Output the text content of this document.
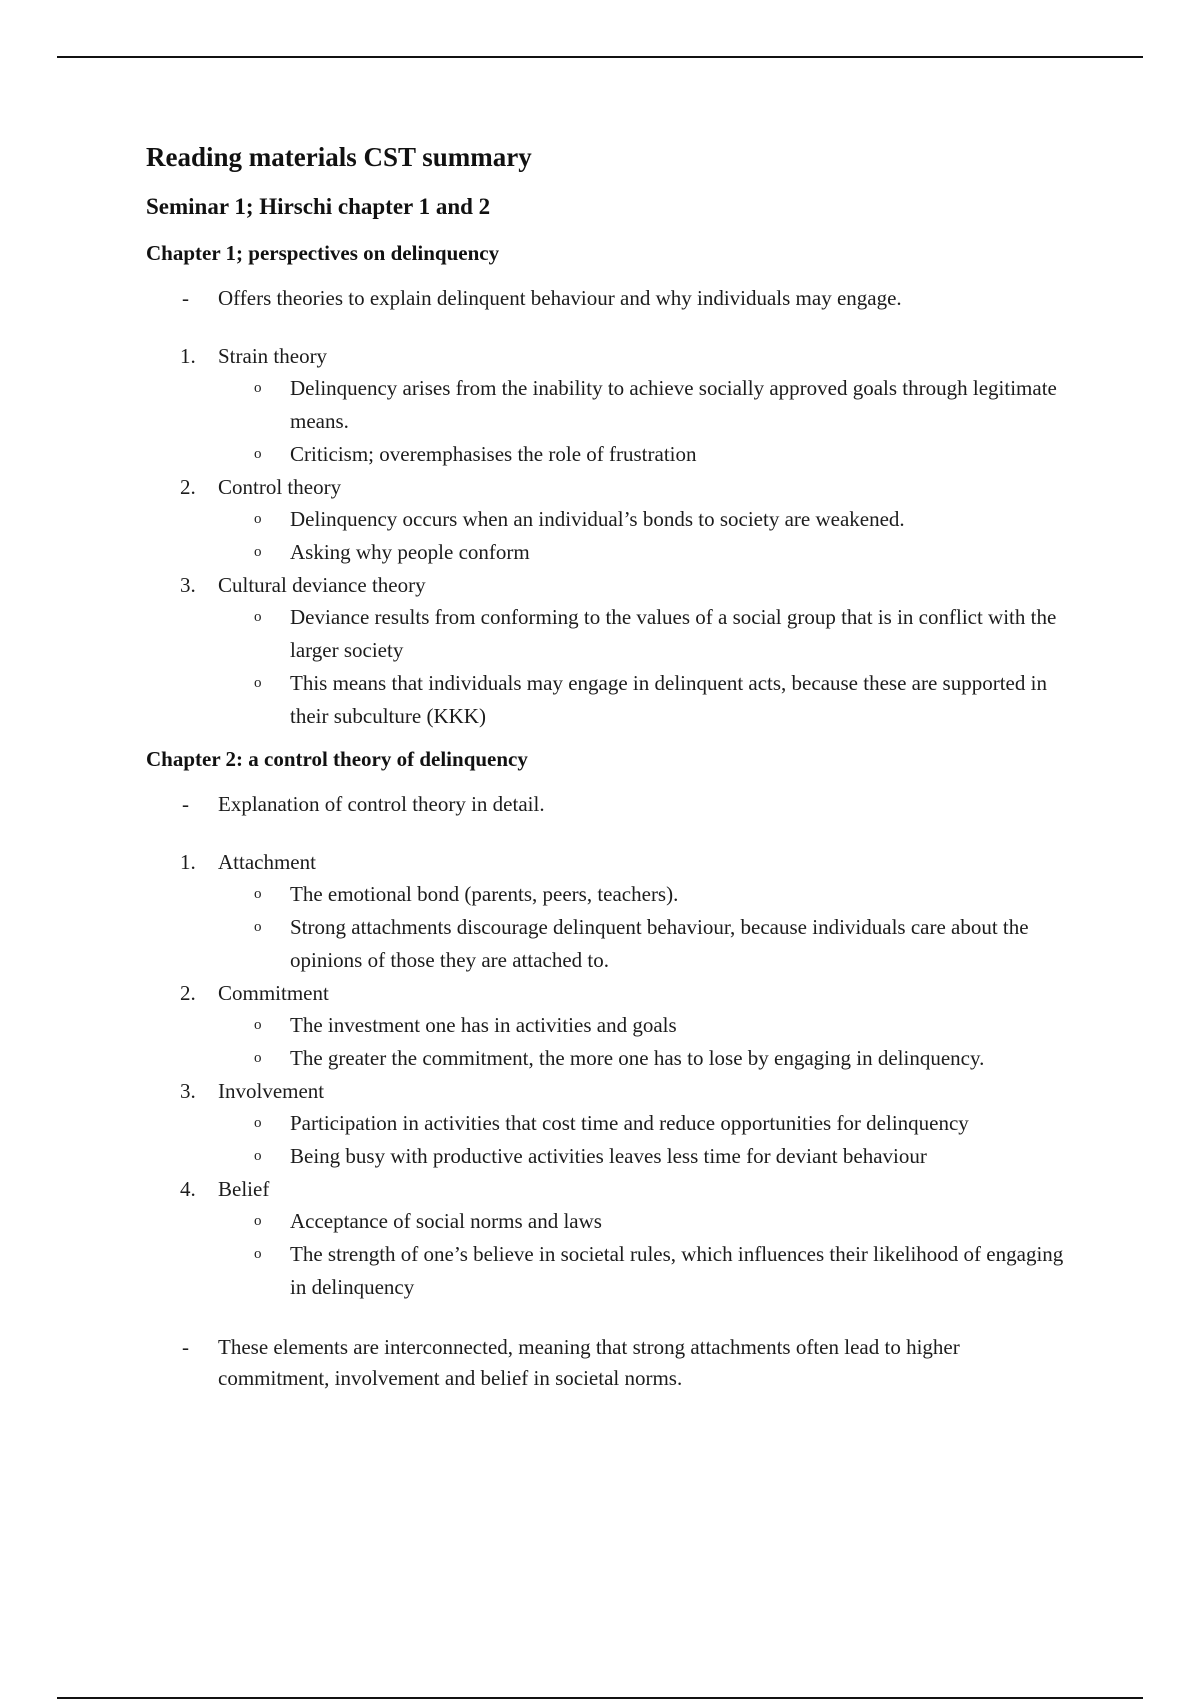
Reading materials CST summary
Seminar 1; Hirschi chapter 1 and 2
Chapter 1; perspectives on delinquency
- Offers theories to explain delinquent behaviour and why individuals may engage.
1. Strain theory
o Delinquency arises from the inability to achieve socially approved goals through legitimate means.
o Criticism; overemphasises the role of frustration
2. Control theory
o Delinquency occurs when an individual’s bonds to society are weakened.
o Asking why people conform
3. Cultural deviance theory
o Deviance results from conforming to the values of a social group that is in conflict with the larger society
o This means that individuals may engage in delinquent acts, because these are supported in their subculture (KKK)
Chapter 2: a control theory of delinquency
- Explanation of control theory in detail.
1. Attachment
o The emotional bond (parents, peers, teachers).
o Strong attachments discourage delinquent behaviour, because individuals care about the opinions of those they are attached to.
2. Commitment
o The investment one has in activities and goals
o The greater the commitment, the more one has to lose by engaging in delinquency.
3. Involvement
o Participation in activities that cost time and reduce opportunities for delinquency
o Being busy with productive activities leaves less time for deviant behaviour
4. Belief
o Acceptance of social norms and laws
o The strength of one’s believe in societal rules, which influences their likelihood of engaging in delinquency
- These elements are interconnected, meaning that strong attachments often lead to higher commitment, involvement and belief in societal norms.
